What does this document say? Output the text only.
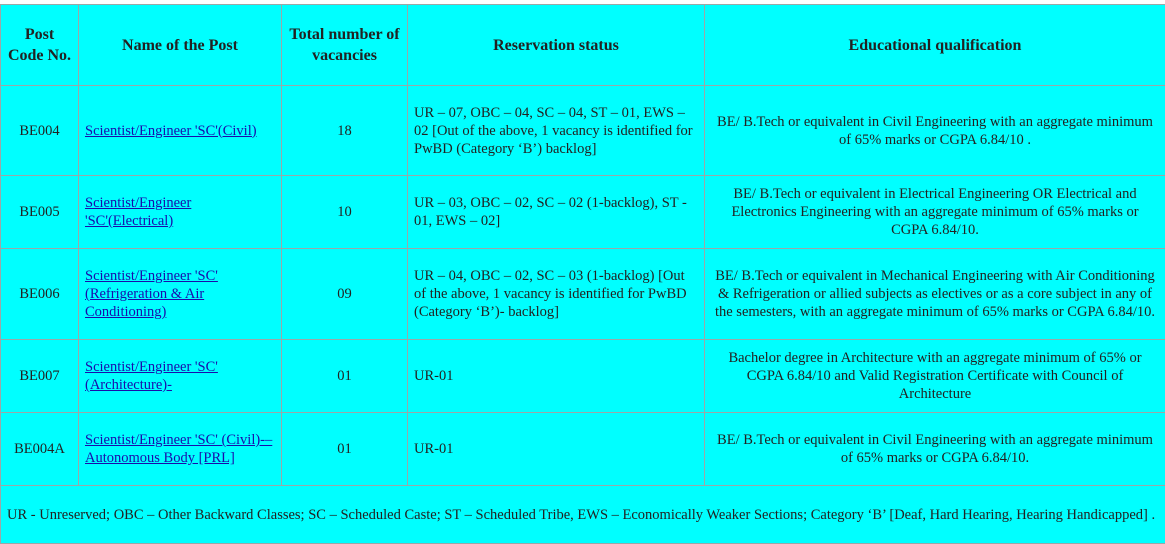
Post Code No.	Name of the Post	Total number of vacancies	Reservation status	Educational qualification
BE004	Scientist/Engineer 'SC'(Civil)	18	UR – 07, OBC – 04, SC – 04, ST – 01, EWS – 02 [Out of the above, 1 vacancy is identified for PwBD (Category ‘B’) backlog]	BE/ B.Tech or equivalent in Civil Engineering with an aggregate minimum of 65% marks or CGPA 6.84/10 .
BE005	Scientist/Engineer 'SC'(Electrical)	10	UR – 03, OBC – 02, SC – 02 (1-backlog), ST - 01, EWS – 02]	BE/ B.Tech or equivalent in Electrical Engineering OR Electrical and Electronics Engineering with an aggregate minimum of 65% marks or CGPA 6.84/10.
BE006	Scientist/Engineer 'SC' (Refrigeration & Air Conditioning)	09	UR – 04, OBC – 02, SC – 03 (1-backlog) [Out of the above, 1 vacancy is identified for PwBD (Category ‘B’)- backlog]	BE/ B.Tech or equivalent in Mechanical Engineering with Air Conditioning & Refrigeration or allied subjects as electives or as a core subject in any of the semesters, with an aggregate minimum of 65% marks or CGPA 6.84/10.
BE007	Scientist/Engineer 'SC' (Architecture)-	01	UR-01	Bachelor degree in Architecture with an aggregate minimum of 65% or CGPA 6.84/10 and Valid Registration Certificate with Council of Architecture
BE004A	Scientist/Engineer 'SC' (Civil)-– Autonomous Body [PRL]	01	UR-01	BE/ B.Tech or equivalent in Civil Engineering with an aggregate minimum of 65% marks or CGPA 6.84/10.
UR - Unreserved; OBC – Other Backward Classes; SC – Scheduled Caste; ST – Scheduled Tribe, EWS – Economically Weaker Sections; Category ‘B’ [Deaf, Hard Hearing, Hearing Handicapped] .				
